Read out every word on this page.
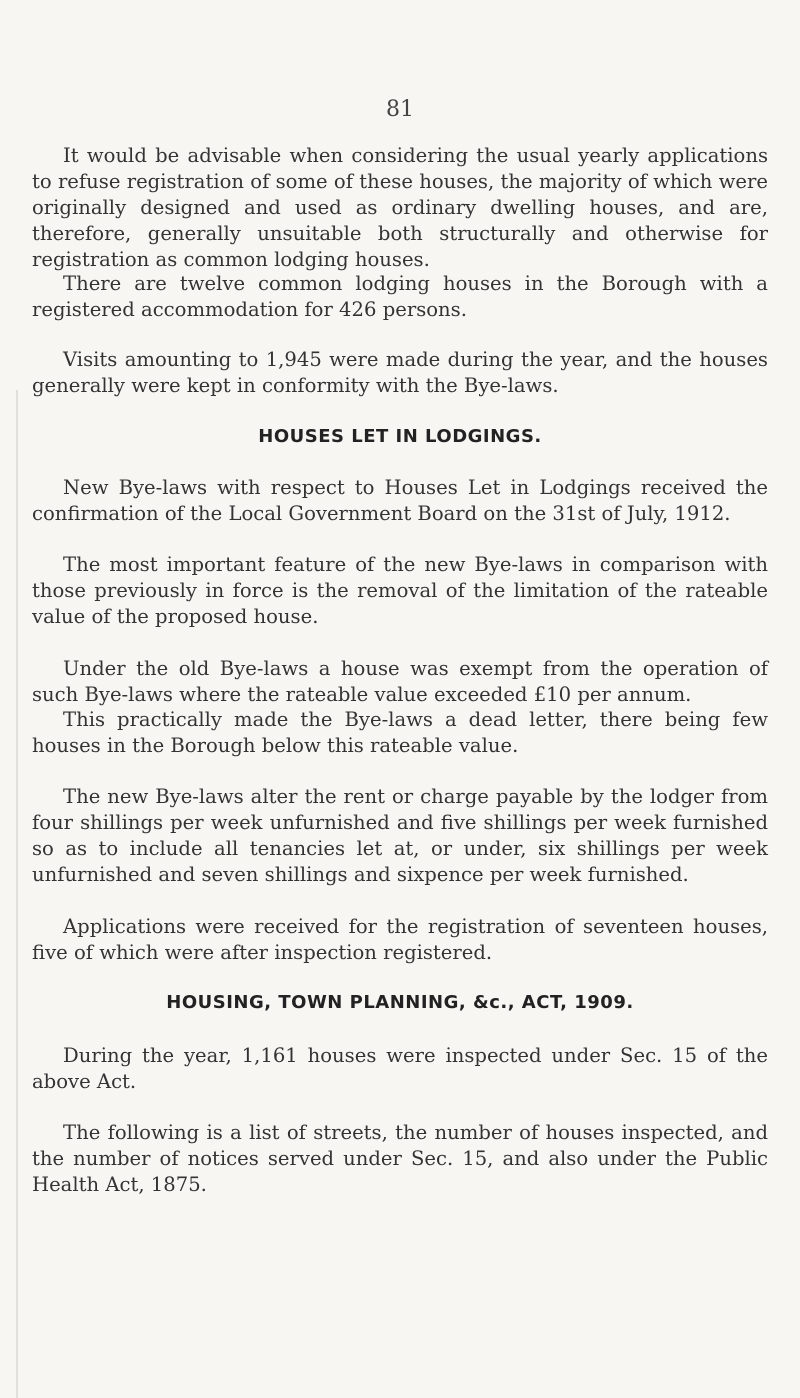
81

It would be advisable when considering the usual yearly applications to refuse registration of some of these houses, the majority of which were originally designed and used as ordinary dwelling houses, and are, therefore, generally unsuitable both structurally and otherwise for registration as common lodging houses.

There are twelve common lodging houses in the Borough with a registered accommodation for 426 persons.

Visits amounting to 1,945 were made during the year, and the houses generally were kept in conformity with the Bye-laws.

HOUSES LET IN LODGINGS.

New Bye-laws with respect to Houses Let in Lodgings received the confirmation of the Local Government Board on the 31st of July, 1912.

The most important feature of the new Bye-laws in comparison with those previously in force is the removal of the limitation of the rateable value of the proposed house.

Under the old Bye-laws a house was exempt from the operation of such Bye-laws where the rateable value exceeded £10 per annum.

This practically made the Bye-laws a dead letter, there being few houses in the Borough below this rateable value.

The new Bye-laws alter the rent or charge payable by the lodger from four shillings per week unfurnished and five shillings per week furnished so as to include all tenancies let at, or under, six shillings per week unfurnished and seven shillings and sixpence per week furnished.

Applications were received for the registration of seventeen houses, five of which were after inspection registered.

HOUSING, TOWN PLANNING, &c., ACT, 1909.

During the year, 1,161 houses were inspected under Sec. 15 of the above Act.

The following is a list of streets, the number of houses inspected, and the number of notices served under Sec. 15, and also under the Public Health Act, 1875.
